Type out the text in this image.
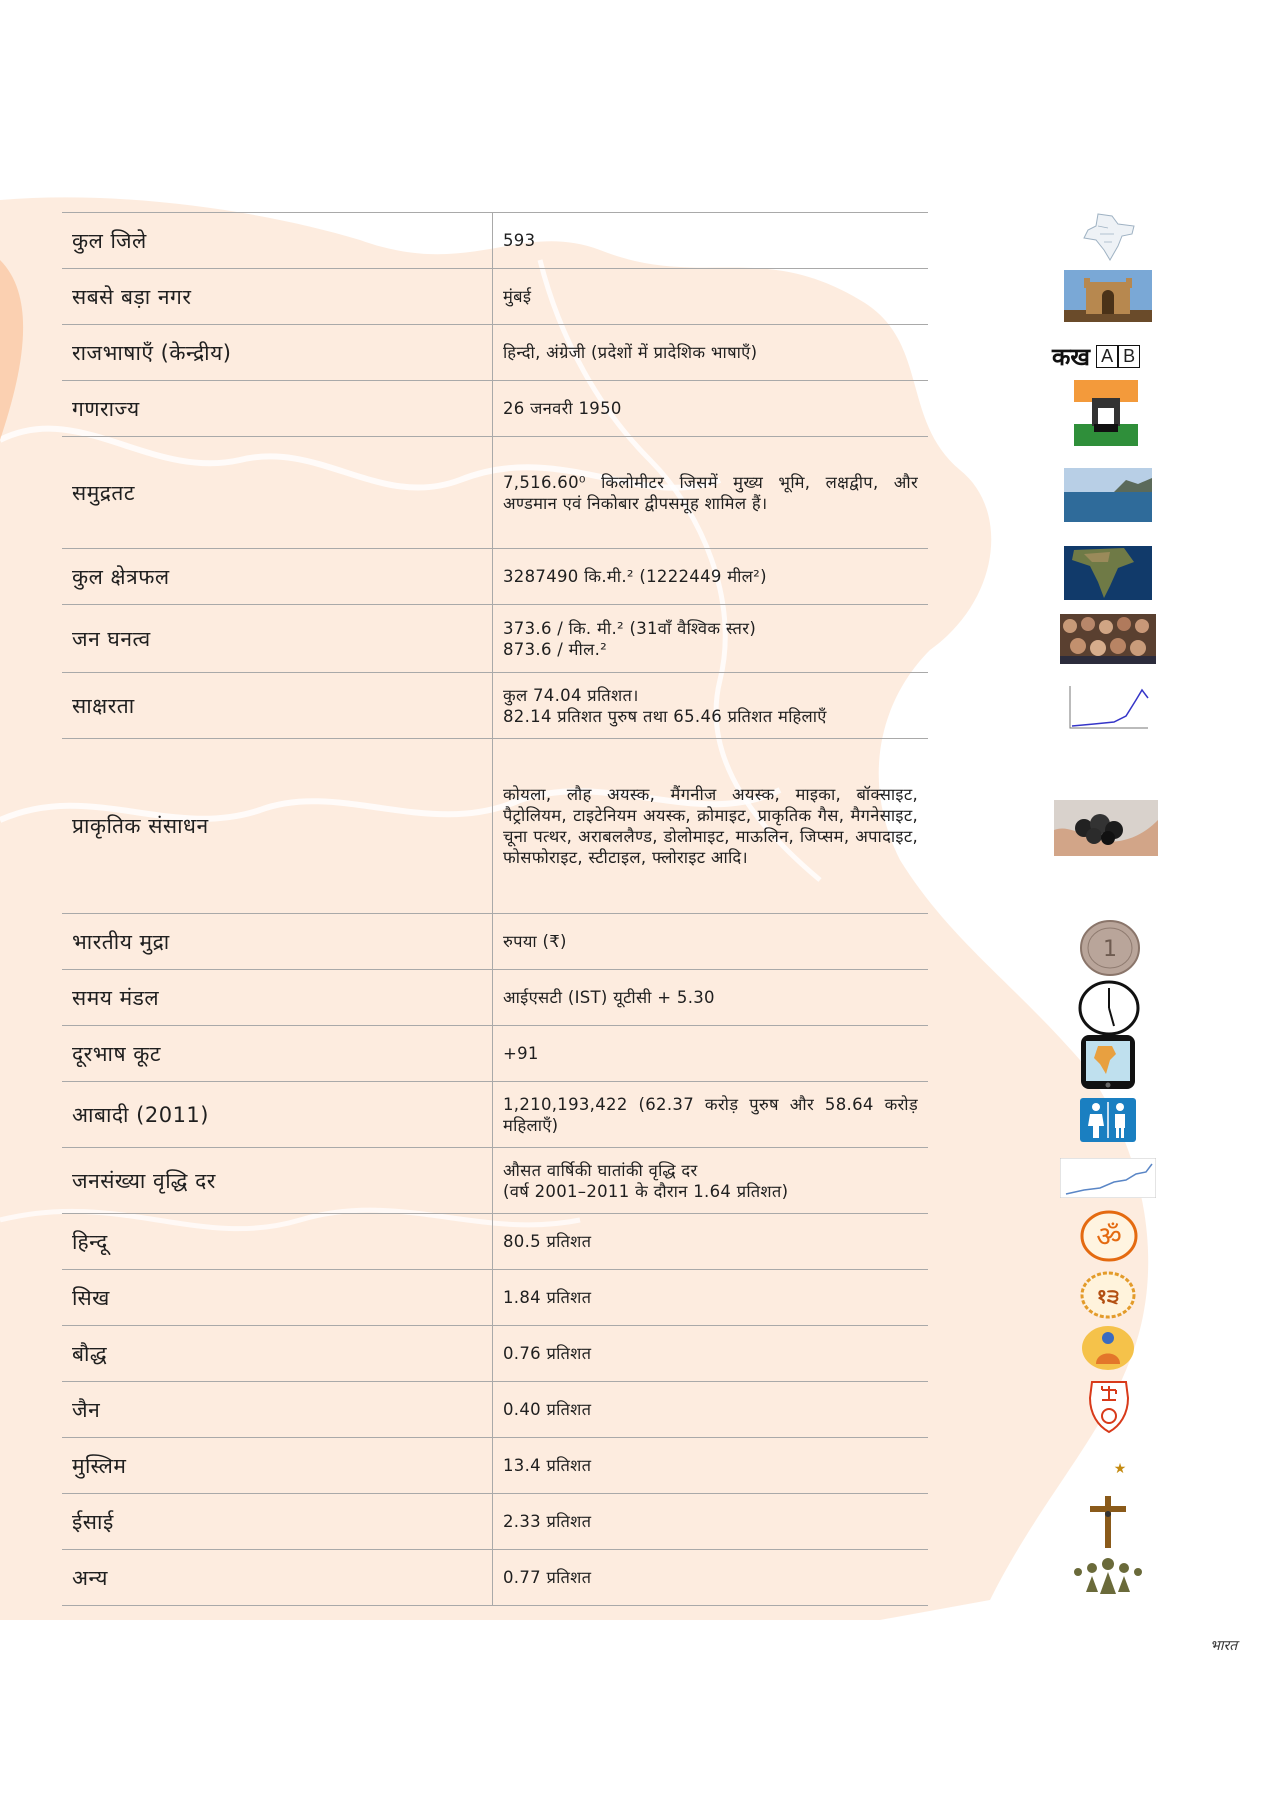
कुल जिले	593
सबसे बड़ा नगर	मुंबई
राजभाषाएँ (केन्द्रीय)	हिन्दी, अंग्रेजी (प्रदेशों में प्रादेशिक भाषाएँ)
गणराज्य	26 जनवरी 1950
समुद्रतट	7,516.60⁰ किलोमीटर जिसमें मुख्य भूमि, लक्षद्वीप, और अण्डमान एवं निकोबार द्वीपसमूह शामिल हैं।
कुल क्षेत्रफल	3287490 कि.मी.² (1222449 मील²)
जन घनत्व	373.6 / कि. मी.² (31वाँ वैश्विक स्तर)
873.6 / मील.²

साक्षरता	कुल 74.04 प्रतिशत।
82.14 प्रतिशत पुरुष तथा 65.46 प्रतिशत महिलाएँ

प्राकृतिक संसाधन	कोयला, लौह अयस्क, मैंगनीज अयस्क, माइका, बॉक्साइट, पैट्रोलियम, टाइटेनियम अयस्क, क्रोमाइट, प्राकृतिक गैस, मैगनेसाइट, चूना पत्थर, अराबललैण्ड, डोलोमाइट, माऊलिन, जिप्सम, अपादाइट, फोसफोराइट, स्टीटाइल, फ्लोराइट आदि।
भारतीय मुद्रा	रुपया (₹)
समय मंडल	आईएसटी (IST) यूटीसी + 5.30
दूरभाष कूट	+91
आबादी (2011)	1,210,193,422 (62.37 करोड़ पुरुष और 58.64 करोड़ महिलाएँ)
जनसंख्या वृद्धि दर	औसत वार्षिकी घातांकी वृद्धि दर
(वर्ष 2001–2011 के दौरान 1.64 प्रतिशत)

हिन्दू	80.5 प्रतिशत
सिख	1.84 प्रतिशत
बौद्ध	0.76 प्रतिशत
जैन	0.40 प्रतिशत
मुस्लिम	13.4 प्रतिशत
ईसाई	2.33 प्रतिशत
अन्य	0.77 प्रतिशत
कख A B
1
ॐ
१੩
★
भारत
